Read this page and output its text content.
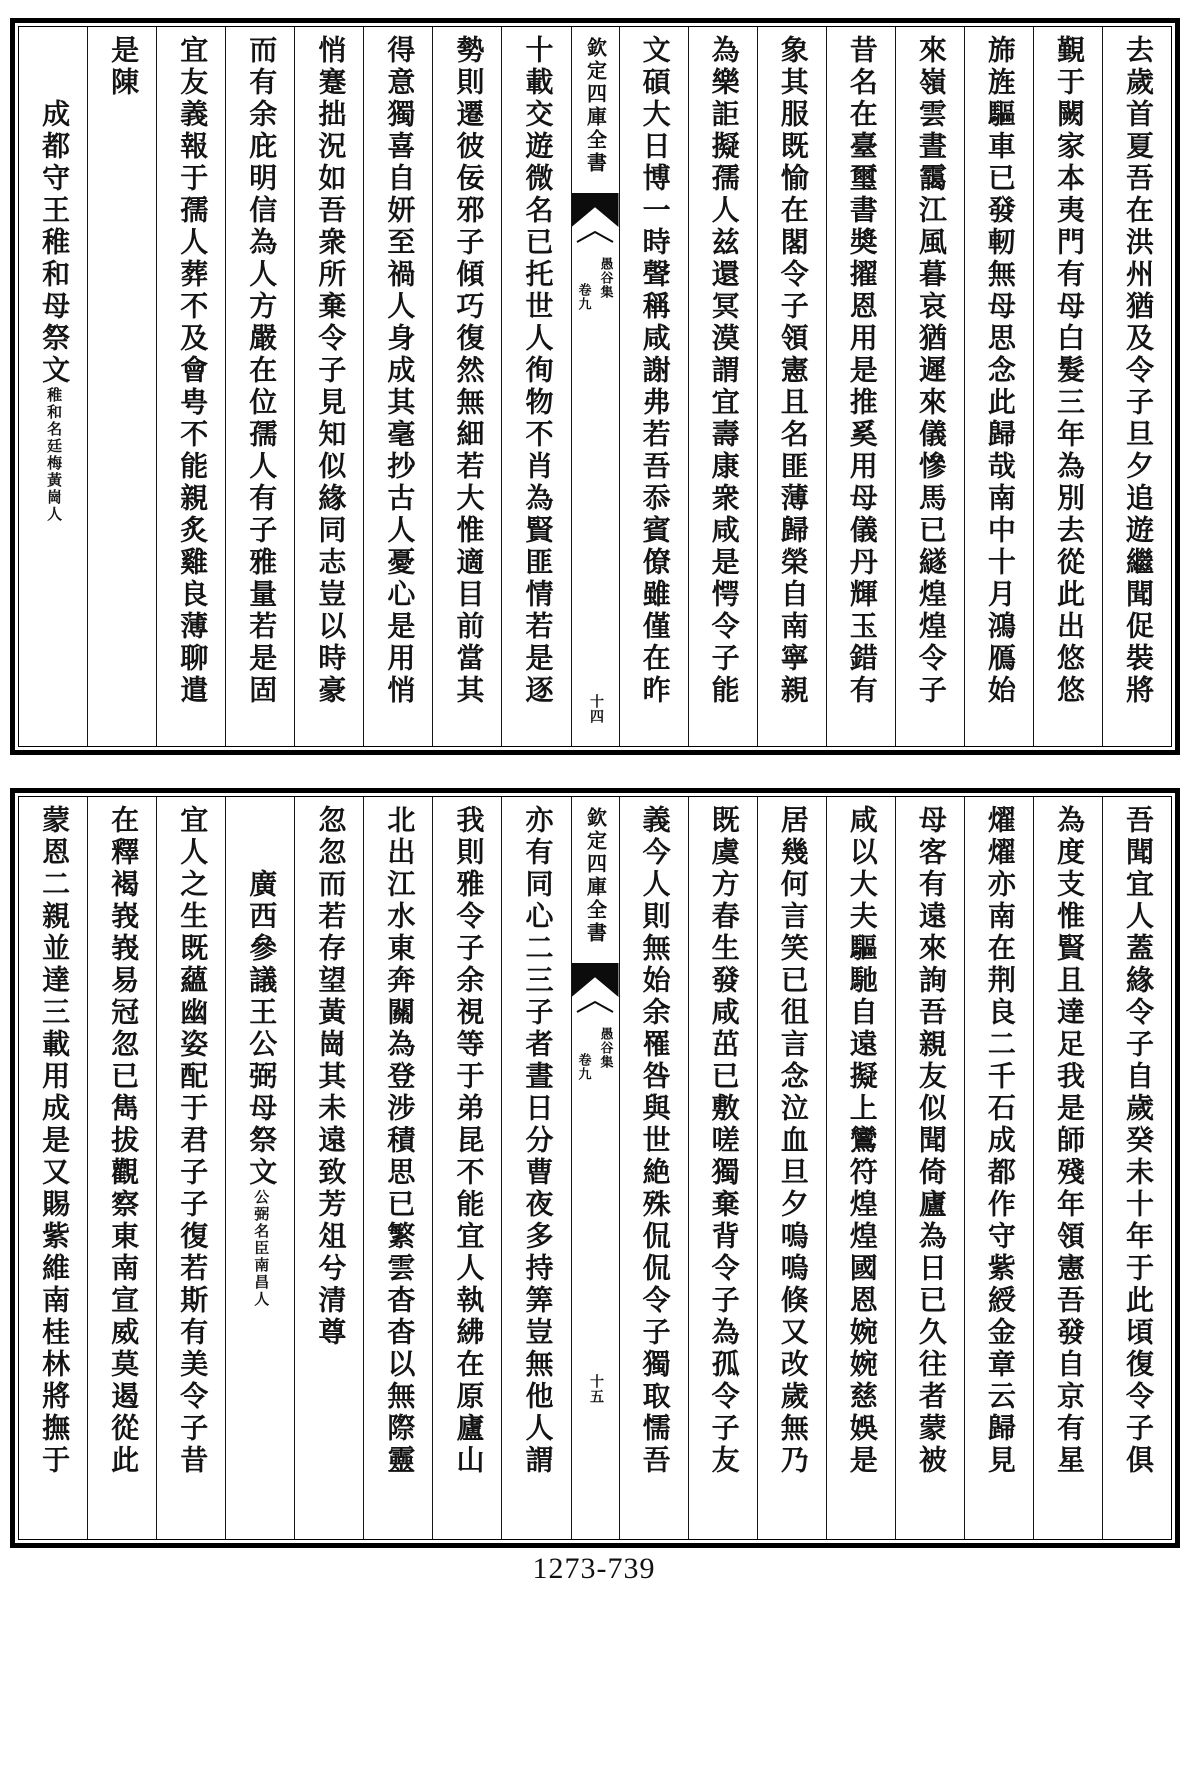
去歲首夏吾在洪州猶及令子旦夕追遊繼聞促裝將
覲于闕家本夷門有母白髮三年為別去從此出悠悠
旆旌驅車已發軔無母思念此歸哉南中十月鴻鴈始
來嶺雲晝靄江風暮哀猶遲來儀慘馬已繸煌煌令子
昔名在臺璽書奬擢恩用是推奚用母儀丹輝玉錯有
象其服既愉在閣令子領憲且名匪薄歸榮自南寧親
為樂詎擬孺人兹還冥漠謂宜壽康衆咸是愕令子能
文碩大日博一時聲稱咸謝弗若吾忝賓僚雖僅在昨
欽定四庫全書
愚谷集
卷九
十四
十載交遊微名已托世人徇物不肖為賢匪情若是逐
勢則遷彼佞邪子傾巧復然無細若大惟適目前當其
得意獨喜自妍至禍人身成其毫抄古人憂心是用悄
悄蹇拙況如吾衆所棄令子見知似緣同志豈以時豪
而有余庇明信為人方嚴在位孺人有子雅量若是固
宜友義報于孺人葬不及會甹不能親炙雞良薄聊遣
是陳
成都守王稚和母祭文稚和名廷梅黃崗人
吾聞宜人蓋緣令子自歲癸未十年于此頃復令子俱
為度支惟賢且達足我是師殘年領憲吾發自京有星
燿燿亦南在荆良二千石成都作守紫綬金章云歸見
母客有遠來詢吾親友似聞倚廬為日已久往者蒙被
咸以大夫驅馳自遠擬上鸞符煌煌國恩婉婉慈娛是
居幾何言笑已徂言念泣血旦夕嗚嗚倏又改歲無乃
既虞方春生發咸茁已敷嗟獨棄背令子為孤令子友
義今人則無始余罹咎與世絶殊侃侃令子獨取懦吾
欽定四庫全書
愚谷集
卷九
十五
亦有同心二三子者晝日分曹夜多持筭豈無他人謂
我則雅令子余視等于弟昆不能宜人執紼在原廬山
北出江水東奔關為登涉積思已繁雲杳杳以無際靈
忽忽而若存望黃崗其未遠致芳俎兮清尊
廣西參議王公弼母祭文公弼名臣南昌人
宜人之生既蘊幽姿配于君子子復若斯有美令子昔
在釋褐峩峩易冠忽已雋拔觀察東南宣威莫遏從此
蒙恩二親並達三載用成是又賜紫維南桂林將撫于
1273-739
